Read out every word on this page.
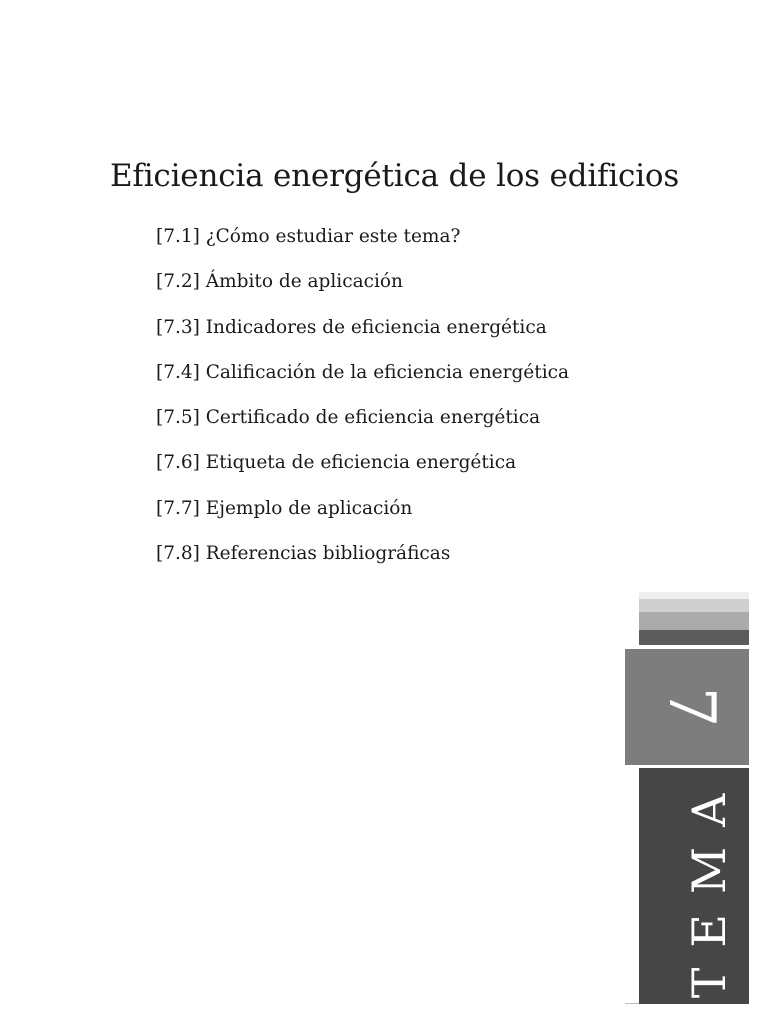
Eficiencia energética de los edificios
[7.1] ¿Cómo estudiar este tema?
[7.2] Ámbito de aplicación
[7.3] Indicadores de eficiencia energética
[7.4] Calificación de la eficiencia energética
[7.5] Certificado de eficiencia energética
[7.6] Etiqueta de eficiencia energética
[7.7] Ejemplo de aplicación
[7.8] Referencias bibliográficas
7
TEMA
